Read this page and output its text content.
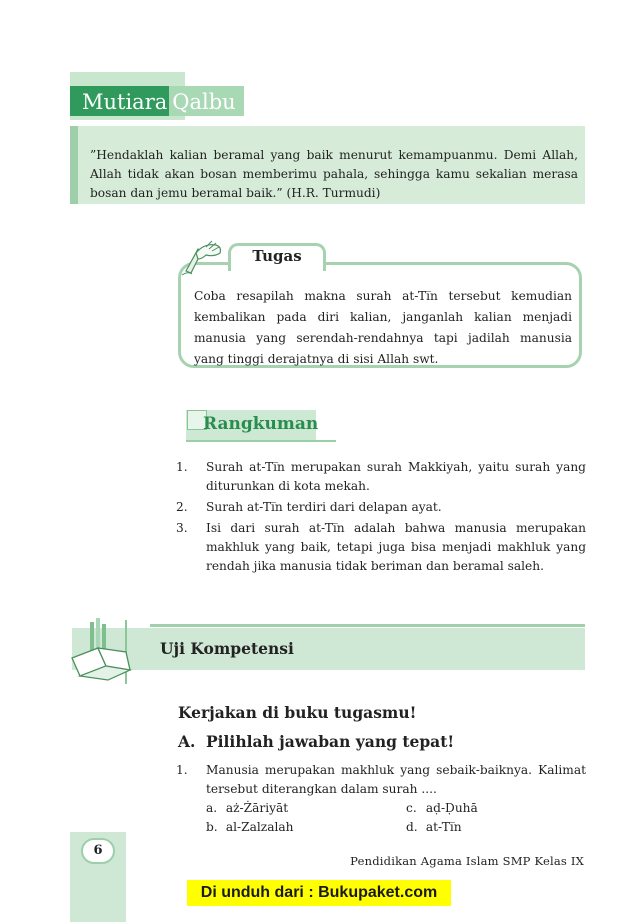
Mutiara Qalbu

”Hendaklah kalian beramal yang baik menurut kemampuanmu. Demi Allah, Allah tidak akan bosan memberimu pahala, sehingga kamu sekalian merasa bosan dan jemu beramal baik.” (H.R. Turmudi)

Tugas

Coba resapilah makna surah at-Ti̅n tersebut kemudian kembalikan pada diri kalian, janganlah kalian menjadi manusia yang serendah-rendahnya tapi jadilah manusia yang tinggi derajatnya di sisi Allah swt.

Rangkuman
1. Surah at-Ti̅n merupakan surah Makkiyah, yaitu surah yang diturunkan di kota mekah.
2. Surah at-Ti̅n terdiri dari delapan ayat.
3. Isi dari surah at-Ti̅n adalah bahwa manusia merupakan makhluk yang baik, tetapi juga bisa menjadi makhluk yang rendah jika manusia tidak beriman dan beramal saleh.
Uji Kompetensi
Kerjakan di buku tugasmu!
A. Pilihlah jawaban yang tepat!
1.	Manusia merupakan makhluk yang sebaik-baiknya. Kalimat tersebut diterangkan dalam surah ....

a. aż-Żāriyāt	c. aḍ-Ḍuhā
b. al-Zalzalah	d. at-Ti̅n
6
Pendidikan Agama Islam SMP Kelas IX
Di unduh dari : Bukupaket.com
